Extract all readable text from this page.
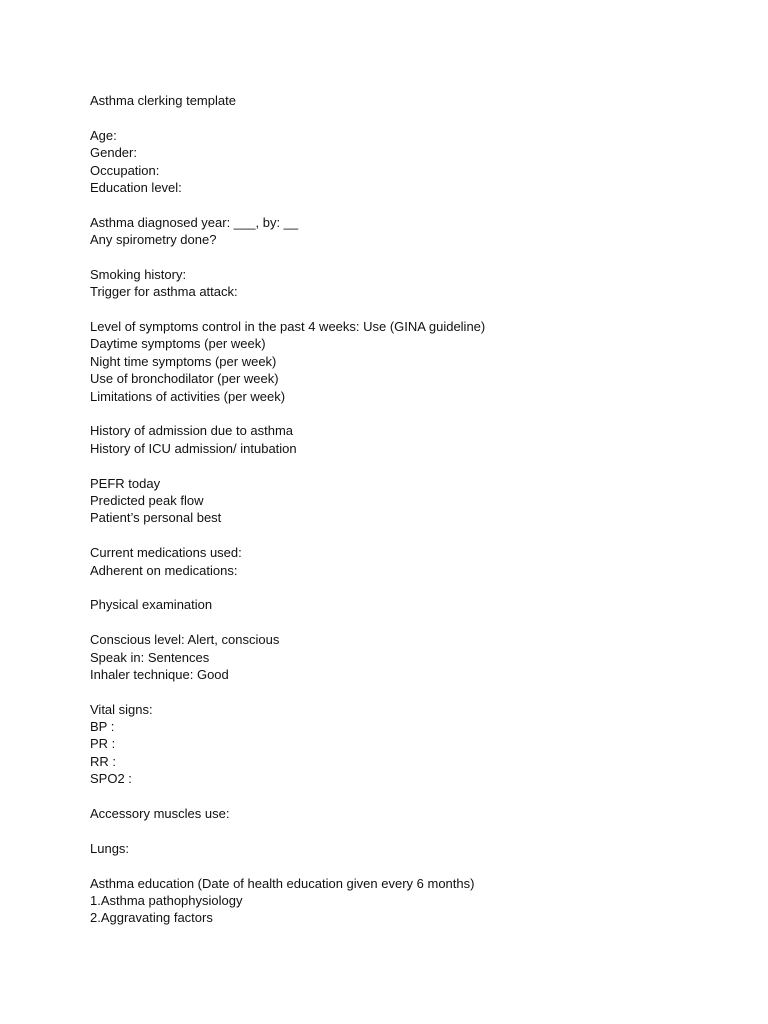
Asthma clerking template
Age:
Gender:
Occupation:
Education level:
Asthma diagnosed year: ___, by: __
Any spirometry done?
Smoking history:
Trigger for asthma attack:
Level of symptoms control in the past 4 weeks: Use (GINA guideline)
Daytime symptoms (per week)
Night time symptoms (per week)
Use of bronchodilator (per week)
Limitations of activities (per week)
History of admission due to asthma
History of ICU admission/ intubation
PEFR today
Predicted peak flow
Patient’s personal best
Current medications used:
Adherent on medications:
Physical examination
Conscious level: Alert, conscious
Speak in: Sentences
Inhaler technique: Good
Vital signs:
BP :
PR :
RR :
SPO2 :
Accessory muscles use:
Lungs:
Asthma education (Date of health education given every 6 months)
1.Asthma pathophysiology
2.Aggravating factors
